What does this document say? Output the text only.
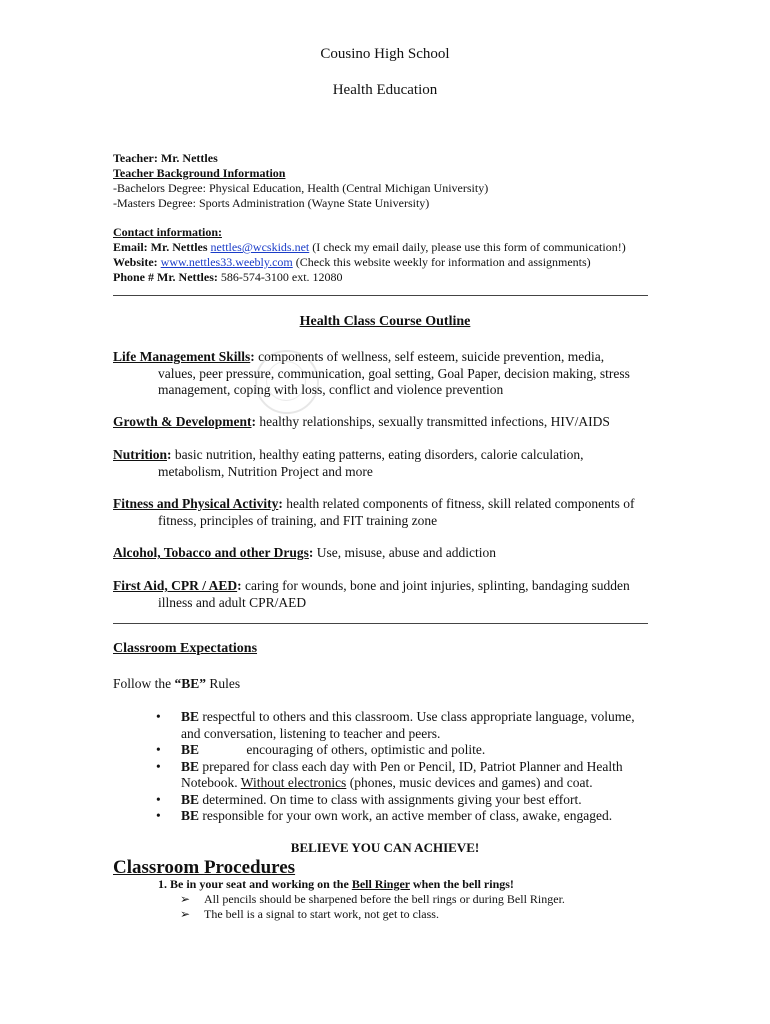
Cousino High School
Health Education
Teacher: Mr. Nettles
Teacher Background Information
-Bachelors Degree: Physical Education, Health (Central Michigan University)
-Masters Degree: Sports Administration (Wayne State University)
Contact information:
Email: Mr. Nettles nettles@wcskids.net (I check my email daily, please use this form of communication!)
Website: www.nettles33.weebly.com (Check this website weekly for information and assignments)
Phone # Mr. Nettles: 586-574-3100 ext. 12080
Health Class Course Outline
Life Management Skills: components of wellness, self esteem, suicide prevention, media,
values, peer pressure, communication, goal setting, Goal Paper, decision making, stress
management, coping with loss, conflict and violence prevention
Growth & Development: healthy relationships, sexually transmitted infections, HIV/AIDS
Nutrition: basic nutrition, healthy eating patterns, eating disorders, calorie calculation,
metabolism, Nutrition Project and more
Fitness and Physical Activity: health related components of fitness, skill related components of
fitness, principles of training, and FIT training zone
Alcohol, Tobacco and other Drugs: Use, misuse, abuse and addiction
First Aid, CPR / AED: caring for wounds, bone and joint injuries, splinting, bandaging sudden
illness and adult CPR/AED
Classroom Expectations
Follow the “BE” Rules
• BE respectful to others and this classroom. Use class appropriate language, volume,
and conversation, listening to teacher and peers.
• BE	encouraging of others, optimistic and polite.
• BE prepared for class each day with Pen or Pencil, ID, Patriot Planner and Health
Notebook. Without electronics (phones, music devices and games) and coat.
• BE determined. On time to class with assignments giving your best effort.
• BE responsible for your own work, an active member of class, awake, engaged.
BELIEVE YOU CAN ACHIEVE!
Classroom Procedures
1. Be in your seat and working on the Bell Ringer when the bell rings!
➢ All pencils should be sharpened before the bell rings or during Bell Ringer.
➢ The bell is a signal to start work, not get to class.
